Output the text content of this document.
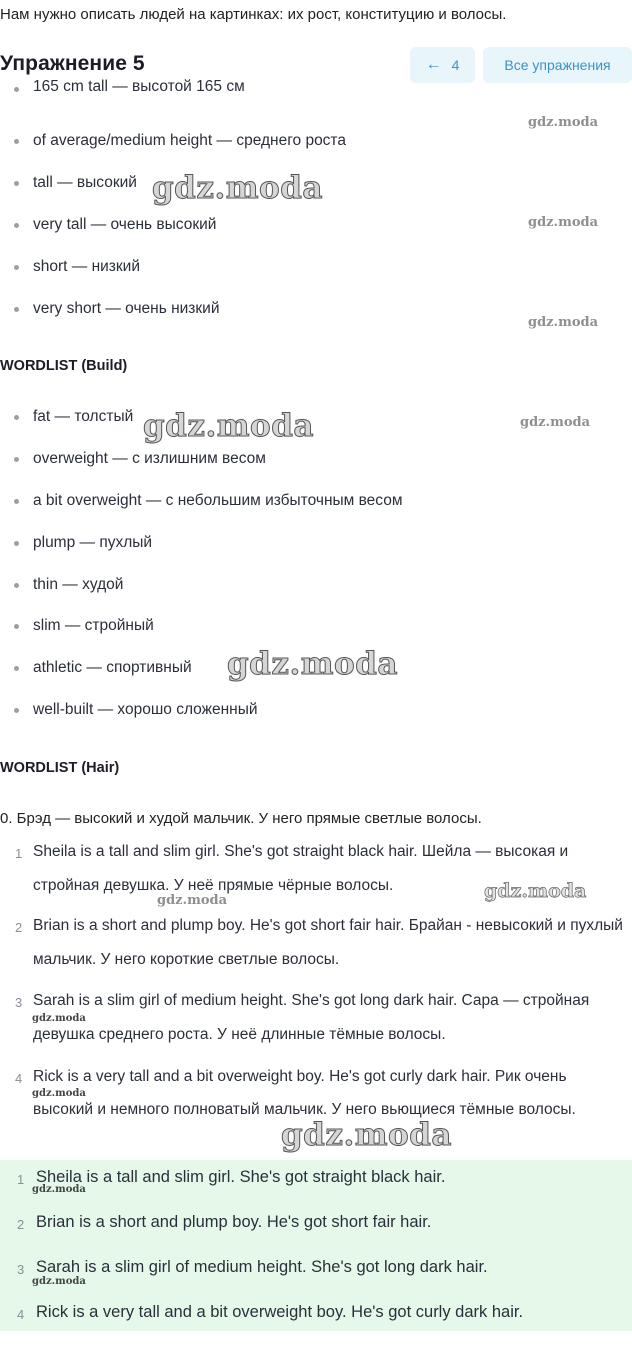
Нам нужно описать людей на картинках: их рост, конституцию и волосы.
Упражнение 5	← 4	Все упражнения
165 cm tall — высотой 165 см
of average/medium height — среднего роста
tall — высокий
very tall — очень высокий
short — низкий
very short — очень низкий
WORDLIST (Build)
fat — толстый
overweight — с излишним весом
a bit overweight — с небольшим избыточным весом
plump — пухлый
thin — худой
slim — стройный
athletic — спортивный
well-built — хорошо сложенный
WORDLIST (Hair)
0. Брэд — высокий и худой мальчик. У него прямые светлые волосы.
1 Sheila is a tall and slim girl. She's got straight black hair. Шейла — высокая и стройная девушка. У неё прямые чёрные волосы.
2 Brian is a short and plump boy. He's got short fair hair. Брайан - невысокий и пухлый мальчик. У него короткие светлые волосы.
3 Sarah is a slim girl of medium height. She's got long dark hair. Сара — стройная девушка среднего роста. У неё длинные тёмные волосы.
4 Rick is a very tall and a bit overweight boy. He's got curly dark hair. Рик очень высокий и немного полноватый мальчик. У него вьющиеся тёмные волосы.
1 Sheila is a tall and slim girl. She's got straight black hair.
2 Brian is a short and plump boy. He's got short fair hair.
3 Sarah is a slim girl of medium height. She's got long dark hair.
4 Rick is a very tall and a bit overweight boy. He's got curly dark hair.
gdz.moda
gdz.moda
gdz.moda
gdz.moda
gdz.moda	gdz.moda
gdz.moda
gdz.moda
gdz.moda
gdz.moda
gdz.moda
gdz.moda
gdz.moda
gdz.moda
